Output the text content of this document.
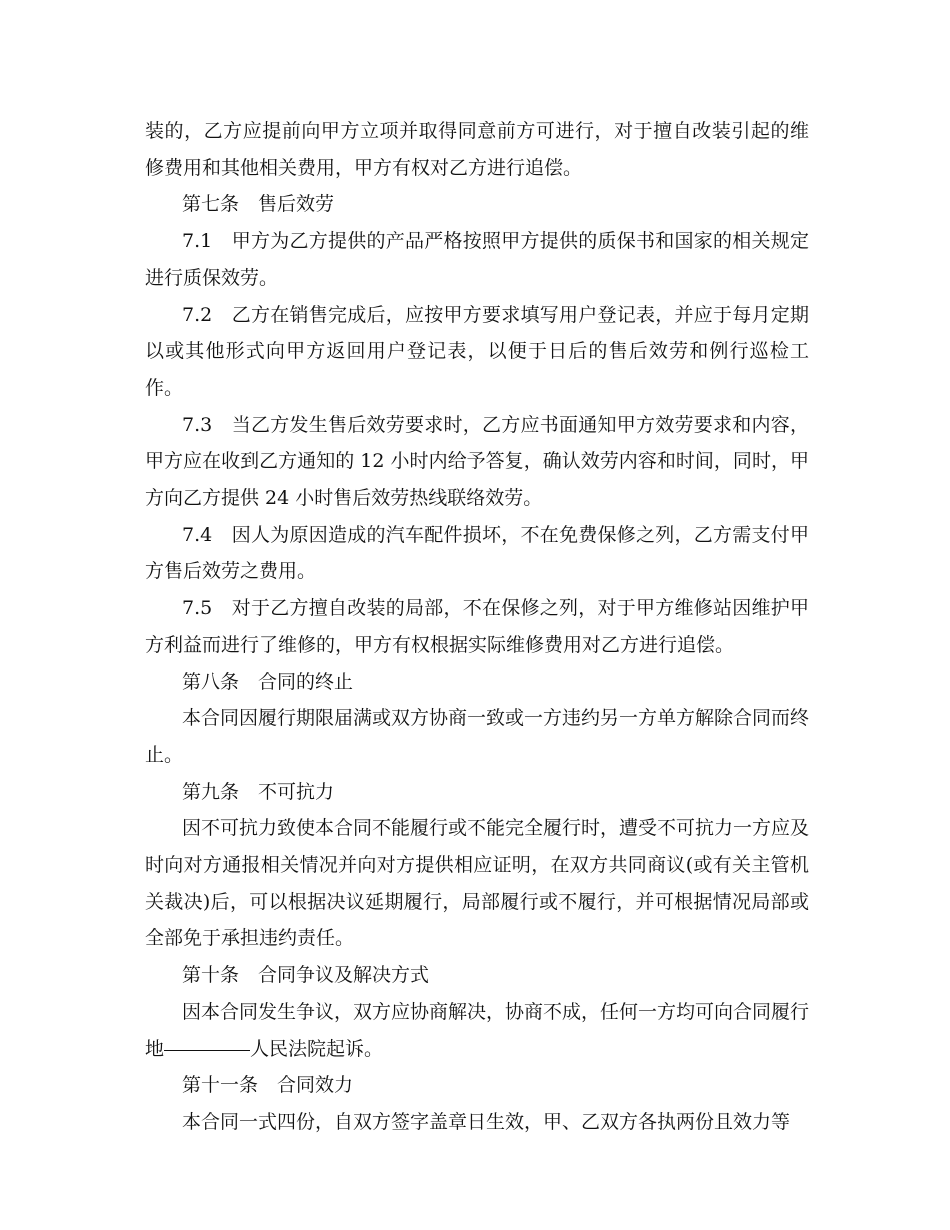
装的，乙方应提前向甲方立项并取得同意前方可进行，对于擅自改装引起的维修费用和其他相关费用，甲方有权对乙方进行追偿。

第七条　售后效劳

7.1　甲方为乙方提供的产品严格按照甲方提供的质保书和国家的相关规定进行质保效劳。

7.2　乙方在销售完成后，应按甲方要求填写用户登记表，并应于每月定期以或其他形式向甲方返回用户登记表，以便于日后的售后效劳和例行巡检工作。

7.3　当乙方发生售后效劳要求时，乙方应书面通知甲方效劳要求和内容，甲方应在收到乙方通知的 12 小时内给予答复，确认效劳内容和时间，同时，甲方向乙方提供 24 小时售后效劳热线联络效劳。

7.4　因人为原因造成的汽车配件损坏，不在免费保修之列，乙方需支付甲方售后效劳之费用。

7.5　对于乙方擅自改装的局部，不在保修之列，对于甲方维修站因维护甲方利益而进行了维修的，甲方有权根据实际维修费用对乙方进行追偿。

第八条　合同的终止

本合同因履行期限届满或双方协商一致或一方违约另一方单方解除合同而终止。

第九条　不可抗力

因不可抗力致使本合同不能履行或不能完全履行时，遭受不可抗力一方应及时向对方通报相关情况并向对方提供相应证明，在双方共同商议(或有关主管机关裁决)后，可以根据决议延期履行，局部履行或不履行，并可根据情况局部或全部免于承担违约责任。

第十条　合同争议及解决方式

因本合同发生争议，双方应协商解决，协商不成，任何一方均可向合同履行地	人民法院起诉。

第十一条　合同效力

本合同一式四份，自双方签字盖章日生效，甲、乙双方各执两份且效力等
